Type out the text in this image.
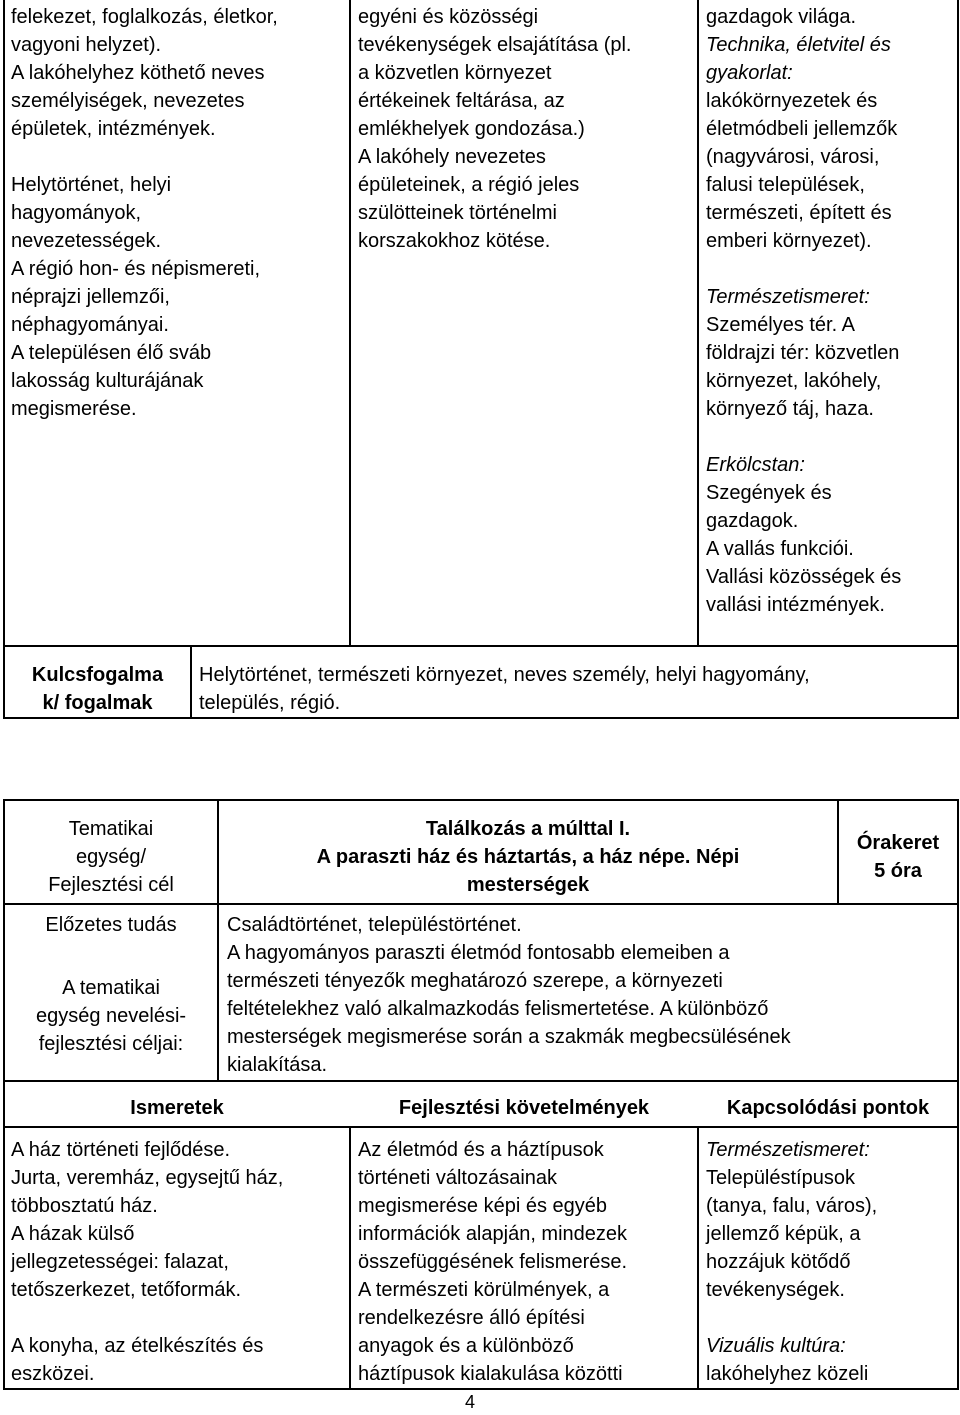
felekezet, foglalkozás, életkor,
vagyoni helyzet).
A lakóhelyhez köthető neves
személyiségek, nevezetes
épületek, intézmények.

Helytörténet, helyi
hagyományok,
nevezetességek.
A régió hon- és népismereti,
néprajzi jellemzői,
néphagyományai.
A településen élő sváb
lakosság kulturájának
megismerése.

egyéni és közösségi
tevékenységek elsajátítása (pl.
a közvetlen környezet
értékeinek feltárása, az
emlékhelyek gondozása.)
A lakóhely nevezetes
épületeinek, a régió jeles
szülötteinek történelmi
korszakokhoz kötése.

gazdagok világa.

Technika, életvitel és
gyakorlat:

lakókörnyezetek és
életmódbeli jellemzők
(nagyvárosi, városi,
falusi települések,
természeti, épített és
emberi környezet).

Természetismeret:

Személyes tér. A
földrajzi tér: közvetlen
környezet, lakóhely,
környező táj, haza.

Erkölcstan:

Szegények és
gazdagok.
A vallás funkciói.
Vallási közösségek és
vallási intézmények.

Kulcsfogalma
k/ fogalmak

Helytörténet, természeti környezet, neves személy, helyi hagyomány,
település, régió.

Tematikai
egység/
Fejlesztési cél

Találkozás a múlttal I.
A paraszti ház és háztartás, a ház népe. Népi
mesterségek

Órakeret

5 óra

Előzetes tudás

A tematikai
egység nevelési-
fejlesztési céljai:

Családtörténet, településtörténet.

A hagyományos paraszti életmód fontosabb elemeiben a
természeti tényezők meghatározó szerepe, a környezeti
feltételekhez való alkalmazkodás felismertetése. A különböző
mesterségek megismerése során a szakmák megbecsülésének
kialakítása.

Ismeretek	Fejlesztési követelmények	Kapcsolódási pontok

A ház történeti fejlődése.
Jurta, veremház, egysejtű ház,
többosztatú ház.
A házak külső
jellegzetességei: falazat,
tetőszerkezet, tetőformák.

A konyha, az ételkészítés és
eszközei.

Az életmód és a háztípusok
történeti változásainak
megismerése képi és egyéb
információk alapján, mindezek
összefüggésének felismerése.
A természeti körülmények, a
rendelkezésre álló építési
anyagok és a különböző
háztípusok kialakulása közötti

Természetismeret:

Településtípusok
(tanya, falu, város),
jellemző képük, a
hozzájuk kötődő
tevékenységek.

Vizuális kultúra:

lakóhelyhez közeli

4
